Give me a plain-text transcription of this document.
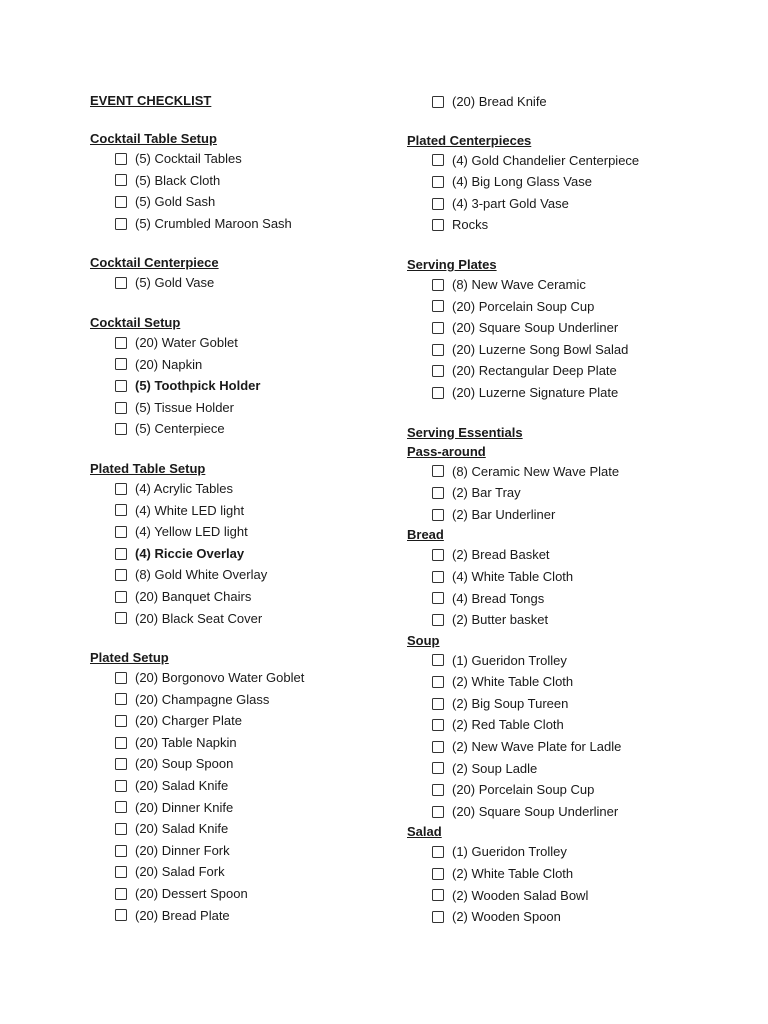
EVENT CHECKLIST
Cocktail Table Setup
(5) Cocktail Tables
(5) Black Cloth
(5) Gold Sash
(5) Crumbled Maroon Sash
Cocktail Centerpiece
(5) Gold Vase
Cocktail Setup
(20) Water Goblet
(20) Napkin
(5) Toothpick Holder
(5) Tissue Holder
(5) Centerpiece
Plated Table Setup
(4) Acrylic Tables
(4) White LED light
(4) Yellow LED light
(4) Riccie Overlay
(8) Gold White Overlay
(20) Banquet Chairs
(20) Black Seat Cover
Plated Setup
(20) Borgonovo Water Goblet
(20) Champagne Glass
(20) Charger Plate
(20) Table Napkin
(20) Soup Spoon
(20) Salad Knife
(20) Dinner Knife
(20) Salad Knife
(20) Dinner Fork
(20) Salad Fork
(20) Dessert Spoon
(20) Bread Plate
(20) Bread Knife
Plated Centerpieces
(4) Gold Chandelier Centerpiece
(4) Big Long Glass Vase
(4) 3-part Gold Vase
Rocks
Serving Plates
(8) New Wave Ceramic
(20) Porcelain Soup Cup
(20) Square Soup Underliner
(20) Luzerne Song Bowl Salad
(20) Rectangular Deep Plate
(20) Luzerne Signature Plate
Serving Essentials
Pass-around
(8) Ceramic New Wave Plate
(2) Bar Tray
(2) Bar Underliner
Bread
(2) Bread Basket
(4) White Table Cloth
(4) Bread Tongs
(2) Butter basket
Soup
(1) Gueridon Trolley
(2) White Table Cloth
(2) Big Soup Tureen
(2) Red Table Cloth
(2) New Wave Plate for Ladle
(2) Soup Ladle
(20) Porcelain Soup Cup
(20) Square Soup Underliner
Salad
(1) Gueridon Trolley
(2) White Table Cloth
(2) Wooden Salad Bowl
(2) Wooden Spoon
